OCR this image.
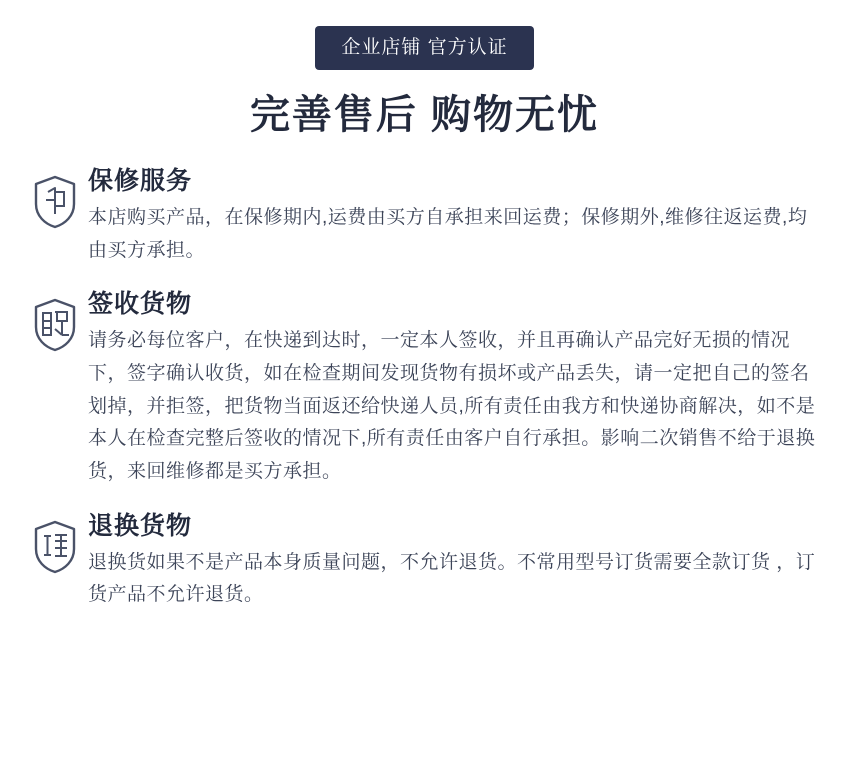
企业店铺 官方认证
完善售后 购物无忧
保修服务

本店购买产品，在保修期内,运费由买方自承担来回运费；保修期外,维修往返运费,均由买方承担。

签收货物

请务必每位客户，在快递到达时，一定本人签收，并且再确认产品完好无损的情况下，签字确认收货，如在检查期间发现货物有损坏或产品丢失，请一定把自己的签名划掉，并拒签，把货物当面返还给快递人员,所有责任由我方和快递协商解决，如不是本人在检查完整后签收的情况下,所有责任由客户自行承担。影响二次销售不给于退换货，来回维修都是买方承担。

退换货物

退换货如果不是产品本身质量问题，不允许退货。不常用型号订货需要全款订货 ，订货产品不允许退货。
